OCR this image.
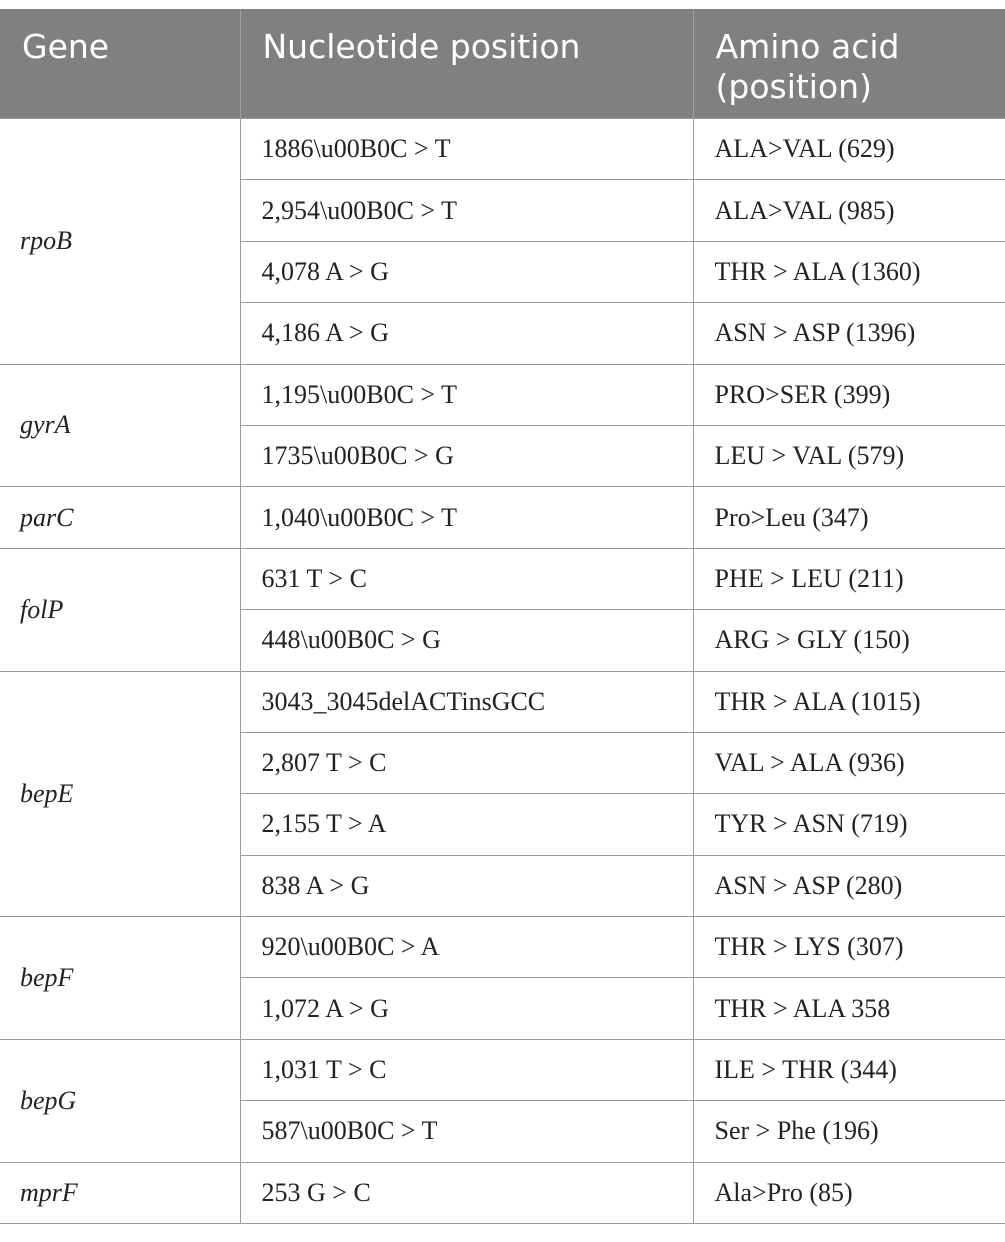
Gene	Nucleotide position	Amino acid
(position)
rpoB	1886\u00B0C > T	ALA>VAL (629)
	2,954\u00B0C > T	ALA>VAL (985)
	4,078 A > G	THR > ALA (1360)
	4,186 A > G	ASN > ASP (1396)
gyrA	1,195\u00B0C > T	PRO>SER (399)
	1735\u00B0C > G	LEU > VAL (579)
parC	1,040\u00B0C > T	Pro>Leu (347)
folP	631 T > C	PHE > LEU (211)
	448\u00B0C > G	ARG > GLY (150)
bepE	3043_3045delACTinsGCC	THR > ALA (1015)
	2,807 T > C	VAL > ALA (936)
	2,155 T > A	TYR > ASN (719)
	838 A > G	ASN > ASP (280)
bepF	920\u00B0C > A	THR > LYS (307)
	1,072 A > G	THR > ALA 358
bepG	1,031 T > C	ILE > THR (344)
	587\u00B0C > T	Ser > Phe (196)
mprF	253 G > C	Ala>Pro (85)
